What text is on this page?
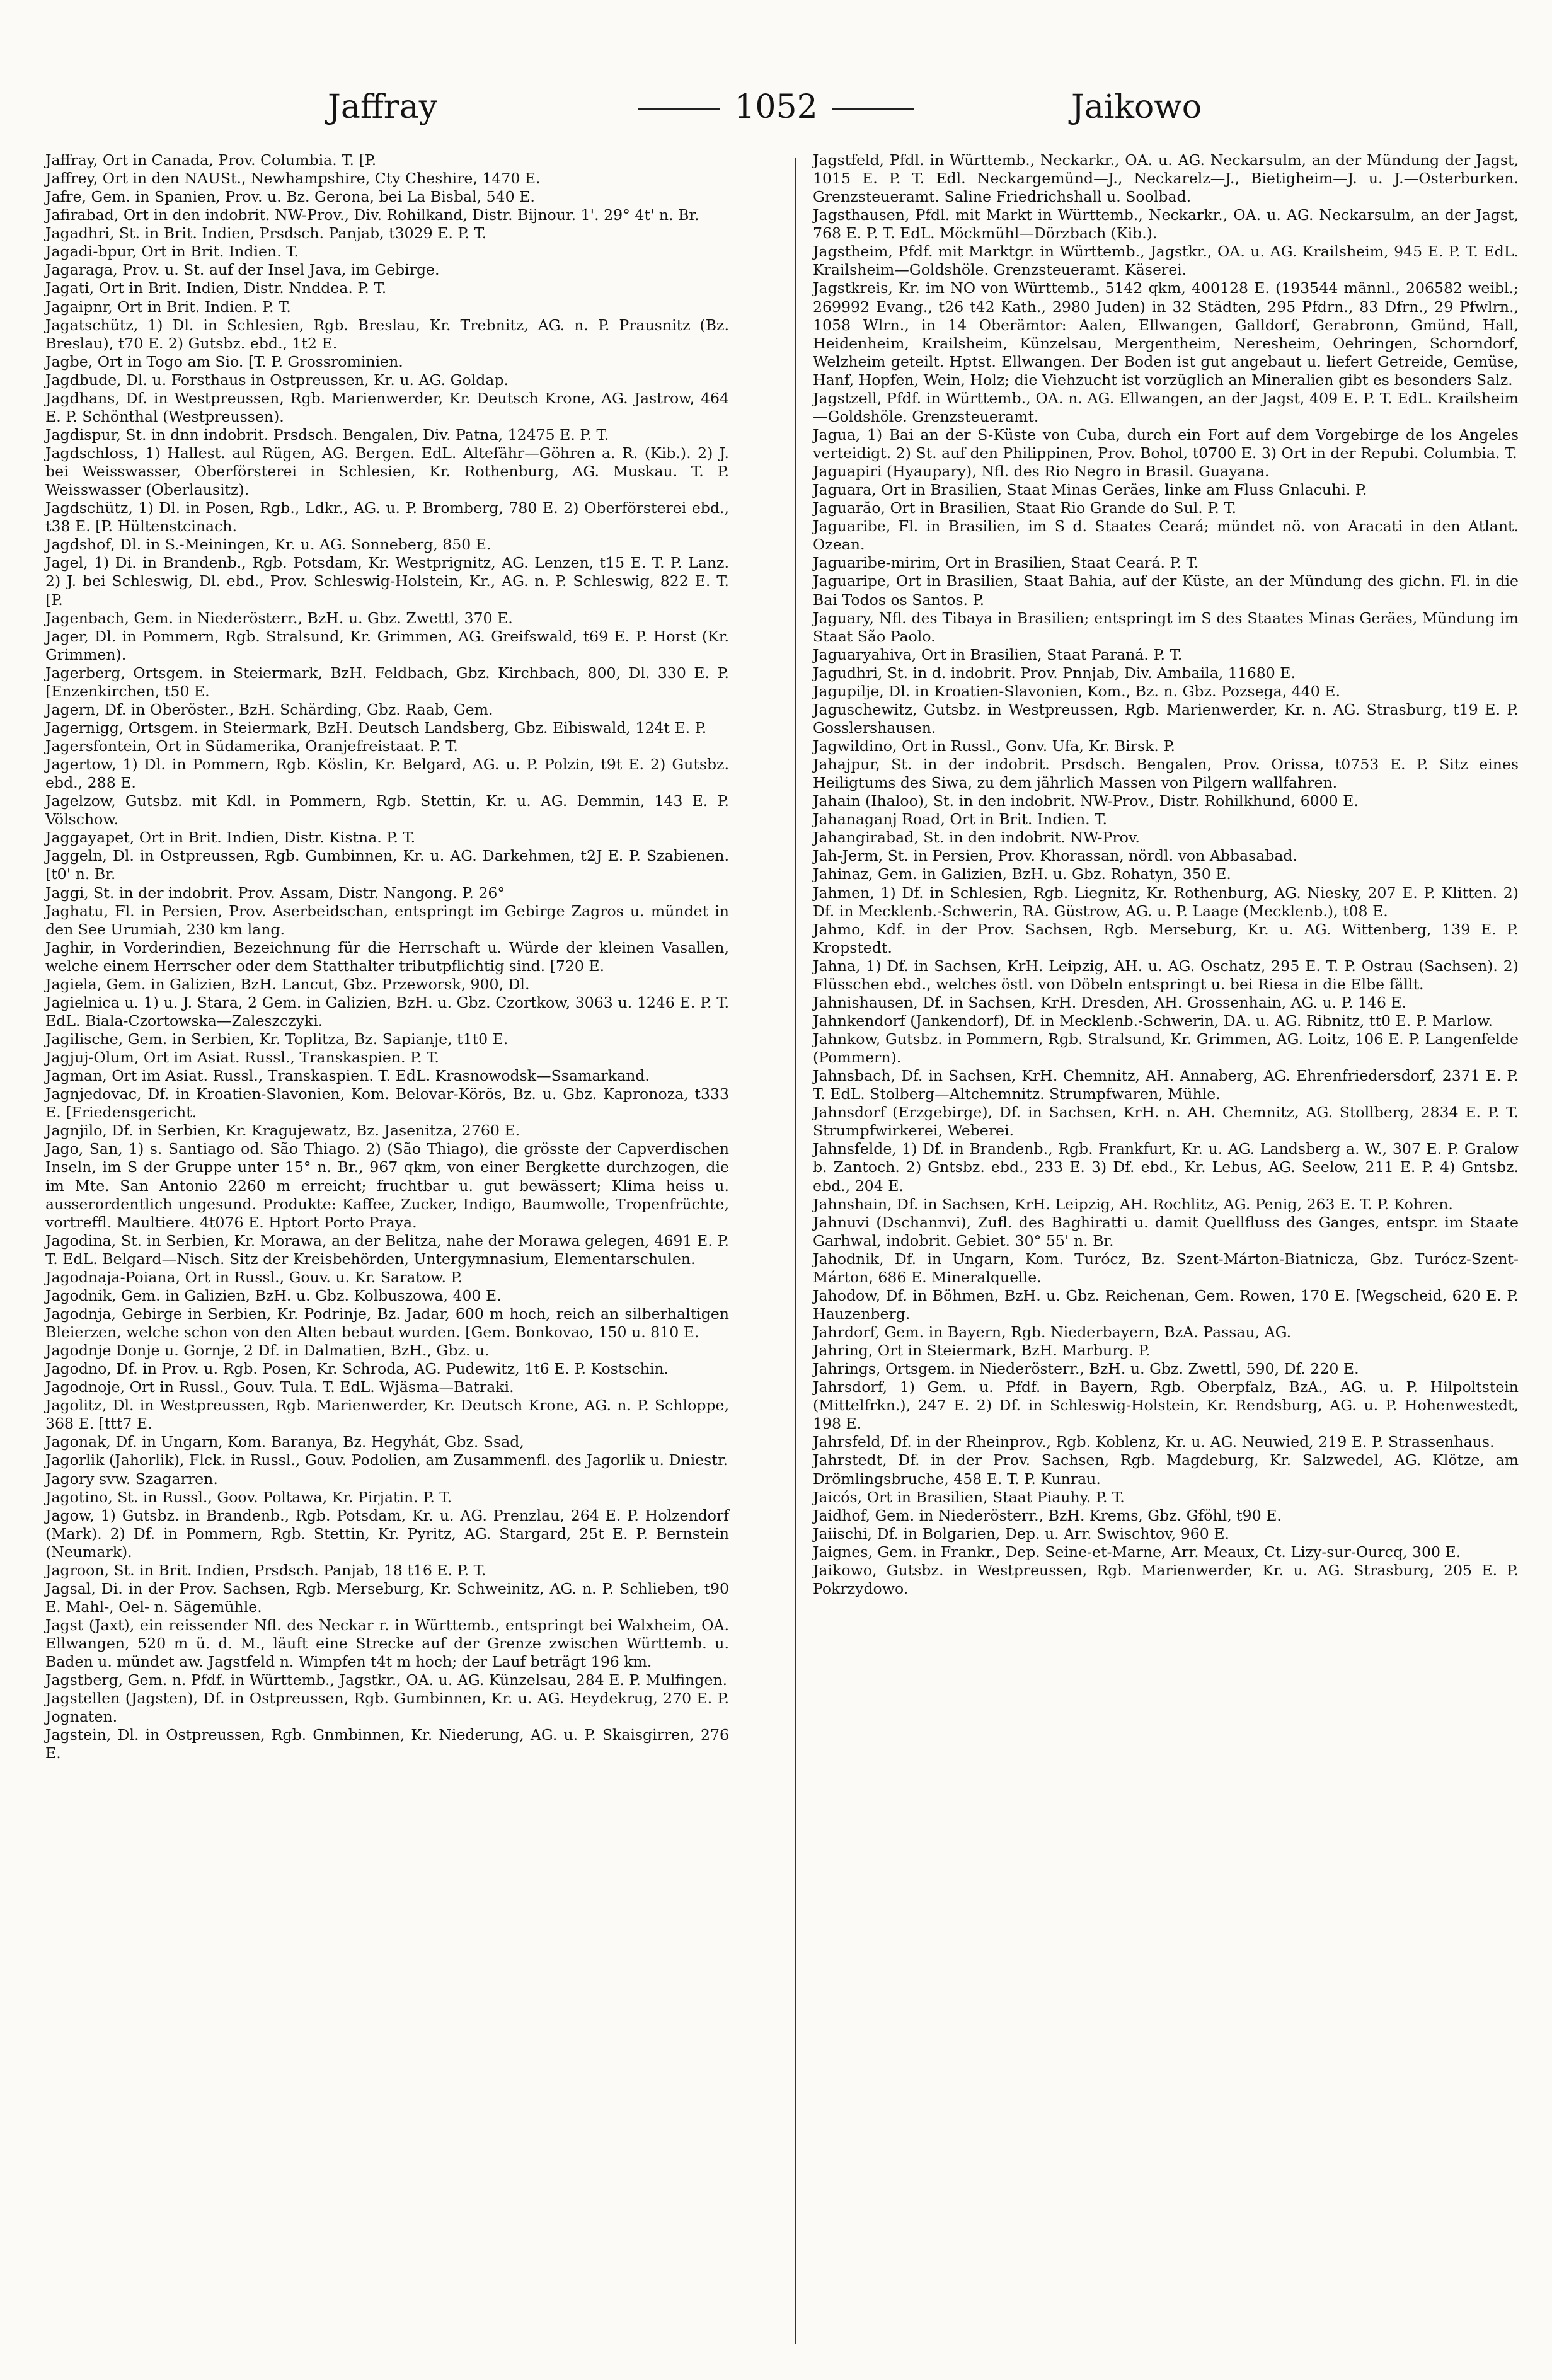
Jaffray	1052	Jaikowo

Jaffray, Ort in Canada, Prov. Columbia. T. [P.

Jaffrey, Ort in den NAUSt., Newhampshire, Cty Cheshire, 1470 E.

Jafre, Gem. in Spanien, Prov. u. Bz. Gerona, bei La Bisbal, 540 E.

Jafirabad, Ort in den indobrit. NW-Prov., Div. Rohilkand, Distr. Bijnour. 1'. 29° 4t' n. Br.

Jagadhri, St. in Brit. Indien, Prsdsch. Panjab, t3029 E. P. T.

Jagadi-bpur, Ort in Brit. Indien. T.

Jagaraga, Prov. u. St. auf der Insel Java, im Gebirge.

Jagati, Ort in Brit. Indien, Distr. Nnddea. P. T.

Jagaipnr, Ort in Brit. Indien. P. T.

Jagatschütz, 1) Dl. in Schlesien, Rgb. Breslau, Kr. Trebnitz, AG. n. P. Prausnitz (Bz. Breslau), t70 E. 2) Gutsbz. ebd., 1t2 E.

Jagbe, Ort in Togo am Sio. [T. P. Grossrominien.

Jagdbude, Dl. u. Forsthaus in Ostpreussen, Kr. u. AG. Goldap.

Jagdhans, Df. in Westpreussen, Rgb. Marienwerder, Kr. Deutsch Krone, AG. Jastrow, 464 E. P. Schönthal (Westpreussen).

Jagdispur, St. in dnn indobrit. Prsdsch. Bengalen, Div. Patna, 12475 E. P. T.

Jagdschloss, 1) Hallest. aul Rügen, AG. Bergen. EdL. Altefähr—Göhren a. R. (Kib.). 2) J. bei Weisswasser, Oberförsterei in Schlesien, Kr. Rothenburg, AG. Muskau. T. P. Weisswasser (Oberlausitz).

Jagdschütz, 1) Dl. in Posen, Rgb., Ldkr., AG. u. P. Bromberg, 780 E. 2) Oberförsterei ebd., t38 E. [P. Hültenstcinach.

Jagdshof, Dl. in S.-Meiningen, Kr. u. AG. Sonneberg, 850 E.

Jagel, 1) Di. in Brandenb., Rgb. Potsdam, Kr. Westprignitz, AG. Lenzen, t15 E. T. P. Lanz. 2) J. bei Schleswig, Dl. ebd., Prov. Schleswig-Holstein, Kr., AG. n. P. Schleswig, 822 E. T. [P.

Jagenbach, Gem. in Niederösterr., BzH. u. Gbz. Zwettl, 370 E.

Jager, Dl. in Pommern, Rgb. Stralsund, Kr. Grimmen, AG. Greifswald, t69 E. P. Horst (Kr. Grimmen).

Jagerberg, Ortsgem. in Steiermark, BzH. Feldbach, Gbz. Kirchbach, 800, Dl. 330 E. P. [Enzenkirchen, t50 E.

Jagern, Df. in Oberöster., BzH. Schärding, Gbz. Raab, Gem.

Jagernigg, Ortsgem. in Steiermark, BzH. Deutsch Landsberg, Gbz. Eibiswald, 124t E. P.

Jagersfontein, Ort in Südamerika, Oranjefreistaat. P. T.

Jagertow, 1) Dl. in Pommern, Rgb. Köslin, Kr. Belgard, AG. u. P. Polzin, t9t E. 2) Gutsbz. ebd., 288 E.

Jagelzow, Gutsbz. mit Kdl. in Pommern, Rgb. Stettin, Kr. u. AG. Demmin, 143 E. P. Völschow.

Jaggayapet, Ort in Brit. Indien, Distr. Kistna. P. T.

Jaggeln, Dl. in Ostpreussen, Rgb. Gumbinnen, Kr. u. AG. Darkehmen, t2J E. P. Szabienen. [t0' n. Br.

Jaggi, St. in der indobrit. Prov. Assam, Distr. Nangong. P. 26°

Jaghatu, Fl. in Persien, Prov. Aserbeidschan, entspringt im Gebirge Zagros u. mündet in den See Urumiah, 230 km lang.

Jaghir, in Vorderindien, Bezeichnung für die Herrschaft u. Würde der kleinen Vasallen, welche einem Herrscher oder dem Statthalter tributpflichtig sind. [720 E.

Jagiela, Gem. in Galizien, BzH. Lancut, Gbz. Przeworsk, 900, Dl.

Jagielnica u. 1) u. J. Stara, 2 Gem. in Galizien, BzH. u. Gbz. Czortkow, 3063 u. 1246 E. P. T. EdL. Biala-Czortowska—Zaleszczyki.

Jagilische, Gem. in Serbien, Kr. Toplitza, Bz. Sapianje, t1t0 E.

Jagjuj-Olum, Ort im Asiat. Russl., Transkaspien. P. T.

Jagman, Ort im Asiat. Russl., Transkaspien. T. EdL. Krasnowodsk—Ssamarkand.

Jagnjedovac, Df. in Kroatien-Slavonien, Kom. Belovar-Körös, Bz. u. Gbz. Kapronoza, t333 E. [Friedensgericht.

Jagnjilo, Df. in Serbien, Kr. Kragujewatz, Bz. Jasenitza, 2760 E.

Jago, San, 1) s. Santiago od. São Thiago. 2) (São Thiago), die grösste der Capverdischen Inseln, im S der Gruppe unter 15° n. Br., 967 qkm, von einer Bergkette durchzogen, die im Mte. San Antonio 2260 m erreicht; fruchtbar u. gut bewässert; Klima heiss u. ausserordentlich ungesund. Produkte: Kaffee, Zucker, Indigo, Baumwolle, Tropenfrüchte, vortreffl. Maultiere. 4t076 E. Hptort Porto Praya.

Jagodina, St. in Serbien, Kr. Morawa, an der Belitza, nahe der Morawa gelegen, 4691 E. P. T. EdL. Belgard—Nisch. Sitz der Kreisbehörden, Untergymnasium, Elementarschulen.

Jagodnaja-Poiana, Ort in Russl., Gouv. u. Kr. Saratow. P.

Jagodnik, Gem. in Galizien, BzH. u. Gbz. Kolbuszowa, 400 E.

Jagodnja, Gebirge in Serbien, Kr. Podrinje, Bz. Jadar, 600 m hoch, reich an silberhaltigen Bleierzen, welche schon von den Alten bebaut wurden. [Gem. Bonkovao, 150 u. 810 E.

Jagodnje Donje u. Gornje, 2 Df. in Dalmatien, BzH., Gbz. u.

Jagodno, Df. in Prov. u. Rgb. Posen, Kr. Schroda, AG. Pudewitz, 1t6 E. P. Kostschin.

Jagodnoje, Ort in Russl., Gouv. Tula. T. EdL. Wjäsma—Batraki.

Jagolitz, Dl. in Westpreussen, Rgb. Marienwerder, Kr. Deutsch Krone, AG. n. P. Schloppe, 368 E. [ttt7 E.

Jagonak, Df. in Ungarn, Kom. Baranya, Bz. Hegyhát, Gbz. Ssad,

Jagorlik (Jahorlik), Flck. in Russl., Gouv. Podolien, am Zusammenfl. des Jagorlik u. Dniestr.

Jagory svw. Szagarren.

Jagotino, St. in Russl., Goov. Poltawa, Kr. Pirjatin. P. T.

Jagow, 1) Gutsbz. in Brandenb., Rgb. Potsdam, Kr. u. AG. Prenzlau, 264 E. P. Holzendorf (Mark). 2) Df. in Pommern, Rgb. Stettin, Kr. Pyritz, AG. Stargard, 25t E. P. Bernstein (Neumark).

Jagroon, St. in Brit. Indien, Prsdsch. Panjab, 18 t16 E. P. T.

Jagsal, Di. in der Prov. Sachsen, Rgb. Merseburg, Kr. Schweinitz, AG. n. P. Schlieben, t90 E. Mahl-, Oel- n. Sägemühle.

Jagst (Jaxt), ein reissender Nfl. des Neckar r. in Württemb., entspringt bei Walxheim, OA. Ellwangen, 520 m ü. d. M., läuft eine Strecke auf der Grenze zwischen Württemb. u. Baden u. mündet aw. Jagstfeld n. Wimpfen t4t m hoch; der Lauf beträgt 196 km.

Jagstberg, Gem. n. Pfdf. in Württemb., Jagstkr., OA. u. AG. Künzelsau, 284 E. P. Mulfingen.

Jagstellen (Jagsten), Df. in Ostpreussen, Rgb. Gumbinnen, Kr. u. AG. Heydekrug, 270 E. P. Jognaten.

Jagstein, Dl. in Ostpreussen, Rgb. Gnmbinnen, Kr. Niederung, AG. u. P. Skaisgirren, 276 E.

Jagstfeld, Pfdl. in Württemb., Neckarkr., OA. u. AG. Neckarsulm, an der Mündung der Jagst, 1015 E. P. T. Edl. Neckargemünd—J., Neckarelz—J., Bietigheim—J. u. J.—Osterburken. Grenzsteueramt. Saline Friedrichshall u. Soolbad.

Jagsthausen, Pfdl. mit Markt in Württemb., Neckarkr., OA. u. AG. Neckarsulm, an der Jagst, 768 E. P. T. EdL. Möckmühl—Dörzbach (Kib.).

Jagstheim, Pfdf. mit Marktgr. in Württemb., Jagstkr., OA. u. AG. Krailsheim, 945 E. P. T. EdL. Krailsheim—Goldshöle. Grenzsteueramt. Käserei.

Jagstkreis, Kr. im NO von Württemb., 5142 qkm, 400128 E. (193544 männl., 206582 weibl.; 269992 Evang., t26 t42 Kath., 2980 Juden) in 32 Städten, 295 Pfdrn., 83 Dfrn., 29 Pfwlrn., 1058 Wlrn., in 14 Oberämtor: Aalen, Ellwangen, Galldorf, Gerabronn, Gmünd, Hall, Heidenheim, Krailsheim, Künzelsau, Mergentheim, Neresheim, Oehringen, Schorndorf, Welzheim geteilt. Hptst. Ellwangen. Der Boden ist gut angebaut u. liefert Getreide, Gemüse, Hanf, Hopfen, Wein, Holz; die Viehzucht ist vorzüglich an Mineralien gibt es besonders Salz.

Jagstzell, Pfdf. in Württemb., OA. n. AG. Ellwangen, an der Jagst, 409 E. P. T. EdL. Krailsheim—Goldshöle. Grenzsteueramt.

Jagua, 1) Bai an der S-Küste von Cuba, durch ein Fort auf dem Vorgebirge de los Angeles verteidigt. 2) St. auf den Philippinen, Prov. Bohol, t0700 E. 3) Ort in der Repubi. Columbia. T.

Jaguapiri (Hyaupary), Nfl. des Rio Negro in Brasil. Guayana.

Jaguara, Ort in Brasilien, Staat Minas Geräes, linke am Fluss Gnlacuhi. P.

Jaguarão, Ort in Brasilien, Staat Rio Grande do Sul. P. T.

Jaguaribe, Fl. in Brasilien, im S d. Staates Ceará; mündet nö. von Aracati in den Atlant. Ozean.

Jaguaribe-mirim, Ort in Brasilien, Staat Ceará. P. T.

Jaguaripe, Ort in Brasilien, Staat Bahia, auf der Küste, an der Mündung des gichn. Fl. in die Bai Todos os Santos. P.

Jaguary, Nfl. des Tibaya in Brasilien; entspringt im S des Staates Minas Geräes, Mündung im Staat São Paolo.

Jaguaryahiva, Ort in Brasilien, Staat Paraná. P. T.

Jagudhri, St. in d. indobrit. Prov. Pnnjab, Div. Ambaila, 11680 E.

Jagupilje, Dl. in Kroatien-Slavonien, Kom., Bz. n. Gbz. Pozsega, 440 E.

Jaguschewitz, Gutsbz. in Westpreussen, Rgb. Marienwerder, Kr. n. AG. Strasburg, t19 E. P. Gosslershausen.

Jagwildino, Ort in Russl., Gonv. Ufa, Kr. Birsk. P.

Jahajpur, St. in der indobrit. Prsdsch. Bengalen, Prov. Orissa, t0753 E. P. Sitz eines Heiligtums des Siwa, zu dem jährlich Massen von Pilgern wallfahren.

Jahain (Ihaloo), St. in den indobrit. NW-Prov., Distr. Rohilkhund, 6000 E.

Jahanaganj Road, Ort in Brit. Indien. T.

Jahangirabad, St. in den indobrit. NW-Prov.

Jah-Jerm, St. in Persien, Prov. Khorassan, nördl. von Abbasabad.

Jahinaz, Gem. in Galizien, BzH. u. Gbz. Rohatyn, 350 E.

Jahmen, 1) Df. in Schlesien, Rgb. Liegnitz, Kr. Rothenburg, AG. Niesky, 207 E. P. Klitten. 2) Df. in Mecklenb.-Schwerin, RA. Güstrow, AG. u. P. Laage (Mecklenb.), t08 E.

Jahmo, Kdf. in der Prov. Sachsen, Rgb. Merseburg, Kr. u. AG. Wittenberg, 139 E. P. Kropstedt.

Jahna, 1) Df. in Sachsen, KrH. Leipzig, AH. u. AG. Oschatz, 295 E. T. P. Ostrau (Sachsen). 2) Flüsschen ebd., welches östl. von Döbeln entspringt u. bei Riesa in die Elbe fällt.

Jahnishausen, Df. in Sachsen, KrH. Dresden, AH. Grossenhain, AG. u. P. 146 E.

Jahnkendorf (Jankendorf), Df. in Mecklenb.-Schwerin, DA. u. AG. Ribnitz, tt0 E. P. Marlow.

Jahnkow, Gutsbz. in Pommern, Rgb. Stralsund, Kr. Grimmen, AG. Loitz, 106 E. P. Langenfelde (Pommern).

Jahnsbach, Df. in Sachsen, KrH. Chemnitz, AH. Annaberg, AG. Ehrenfriedersdorf, 2371 E. P. T. EdL. Stolberg—Altchemnitz. Strumpfwaren, Mühle.

Jahnsdorf (Erzgebirge), Df. in Sachsen, KrH. n. AH. Chemnitz, AG. Stollberg, 2834 E. P. T. Strumpfwirkerei, Weberei.

Jahnsfelde, 1) Df. in Brandenb., Rgb. Frankfurt, Kr. u. AG. Landsberg a. W., 307 E. P. Gralow b. Zantoch. 2) Gntsbz. ebd., 233 E. 3) Df. ebd., Kr. Lebus, AG. Seelow, 211 E. P. 4) Gntsbz. ebd., 204 E.

Jahnshain, Df. in Sachsen, KrH. Leipzig, AH. Rochlitz, AG. Penig, 263 E. T. P. Kohren.

Jahnuvi (Dschannvi), Zufl. des Baghiratti u. damit Quellfluss des Ganges, entspr. im Staate Garhwal, indobrit. Gebiet. 30° 55' n. Br.

Jahodnik, Df. in Ungarn, Kom. Turócz, Bz. Szent-Márton-Biatnicza, Gbz. Turócz-Szent-Márton, 686 E. Mineralquelle.

Jahodow, Df. in Böhmen, BzH. u. Gbz. Reichenan, Gem. Rowen, 170 E. [Wegscheid, 620 E. P. Hauzenberg.

Jahrdorf, Gem. in Bayern, Rgb. Niederbayern, BzA. Passau, AG.

Jahring, Ort in Steiermark, BzH. Marburg. P.

Jahrings, Ortsgem. in Niederösterr., BzH. u. Gbz. Zwettl, 590, Df. 220 E.

Jahrsdorf, 1) Gem. u. Pfdf. in Bayern, Rgb. Oberpfalz, BzA., AG. u. P. Hilpoltstein (Mittelfrkn.), 247 E. 2) Df. in Schleswig-Holstein, Kr. Rendsburg, AG. u. P. Hohenwestedt, 198 E.

Jahrsfeld, Df. in der Rheinprov., Rgb. Koblenz, Kr. u. AG. Neuwied, 219 E. P. Strassenhaus.

Jahrstedt, Df. in der Prov. Sachsen, Rgb. Magdeburg, Kr. Salzwedel, AG. Klötze, am Drömlingsbruche, 458 E. T. P. Kunrau.

Jaicós, Ort in Brasilien, Staat Piauhy. P. T.

Jaidhof, Gem. in Niederösterr., BzH. Krems, Gbz. Gföhl, t90 E.

Jaiischi, Df. in Bolgarien, Dep. u. Arr. Swischtov, 960 E.

Jaignes, Gem. in Frankr., Dep. Seine-et-Marne, Arr. Meaux, Ct. Lizy-sur-Ourcq, 300 E.

Jaikowo, Gutsbz. in Westpreussen, Rgb. Marienwerder, Kr. u. AG. Strasburg, 205 E. P. Pokrzydowo.
